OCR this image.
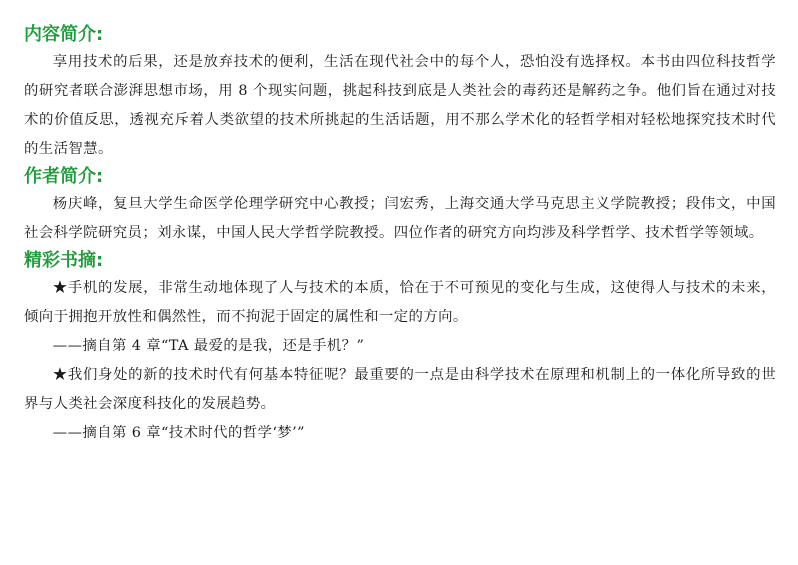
内容简介:

享用技术的后果，还是放弃技术的便利，生活在现代社会中的每个人，恐怕没有选择权。本书由四位科技哲学的研究者联合澎湃思想市场，用 8 个现实问题，挑起科技到底是人类社会的毒药还是解药之争。他们旨在通过对技术的价值反思，透视充斥着人类欲望的技术所挑起的生活话题，用不那么学术化的轻哲学相对轻松地探究技术时代的生活智慧。

作者简介:

杨庆峰，复旦大学生命医学伦理学研究中心教授；闫宏秀，上海交通大学马克思主义学院教授；段伟文，中国社会科学院研究员；刘永谋，中国人民大学哲学院教授。四位作者的研究方向均涉及科学哲学、技术哲学等领域。

精彩书摘:

★手机的发展，非常生动地体现了人与技术的本质，恰在于不可预见的变化与生成，这使得人与技术的未来，倾向于拥抱开放性和偶然性，而不拘泥于固定的属性和一定的方向。

——摘自第 4 章“TA 最爱的是我，还是手机？”

★我们身处的新的技术时代有何基本特征呢？最重要的一点是由科学技术在原理和机制上的一体化所导致的世界与人类社会深度科技化的发展趋势。

——摘自第 6 章“技术时代的哲学‘梦’”
